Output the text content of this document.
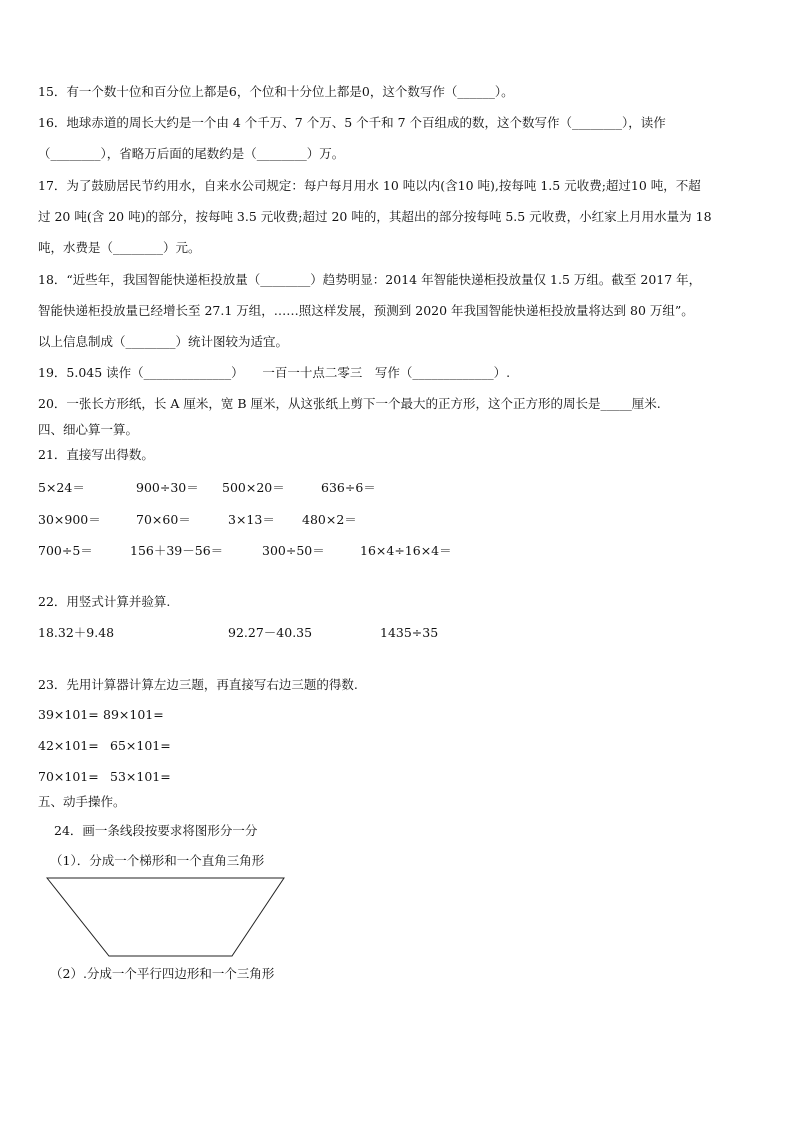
15．有一个数十位和百分位上都是6，个位和十分位上都是0，这个数写作（______）。
16．地球赤道的周长大约是一个由 4 个千万、7 个万、5 个千和 7 个百组成的数，这个数写作（________），读作
（________），省略万后面的尾数约是（________）万。
17．为了鼓励居民节约用水，自来水公司规定：每户每月用水 10 吨以内(含10 吨),按每吨 1.5 元收费;超过10 吨，不超
过 20 吨(含 20 吨)的部分，按每吨 3.5 元收费;超过 20 吨的，其超出的部分按每吨 5.5 元收费，小红家上月用水量为 18
吨，水费是（________）元。
18．“近些年，我国智能快递柜投放量（________）趋势明显：2014 年智能快递柜投放量仅 1.5 万组。截至 2017 年，
智能快递柜投放量已经增长至 27.1 万组，……照这样发展，预测到 2020 年我国智能快递柜投放量将达到 80 万组”。
以上信息制成（________）统计图较为适宜。
19．5.045 读作（______________）　　一百一十点二零三　写作（_____________）.
20．一张长方形纸，长 A 厘米，宽 B 厘米，从这张纸上剪下一个最大的正方形，这个正方形的周长是_____厘米.
四、细心算一算。
21．直接写出得数。
5×24＝	900÷30＝ 500×20＝	636÷6＝
30×900＝	70×60＝	3×13＝ 480×2＝
700÷5＝	156＋39－56＝	300÷50＝	16×4÷16×4＝
22．用竖式计算并验算.
18.32＋9.48	92.27－40.35	1435÷35
23．先用计算器计算左边三题，再直接写右边三题的得数.
39×101= 89×101=
42×101= 65×101=
70×101= 53×101=
五、动手操作。
24．画一条线段按要求将图形分一分
（1）．分成一个梯形和一个直角三角形
（2）.分成一个平行四边形和一个三角形
